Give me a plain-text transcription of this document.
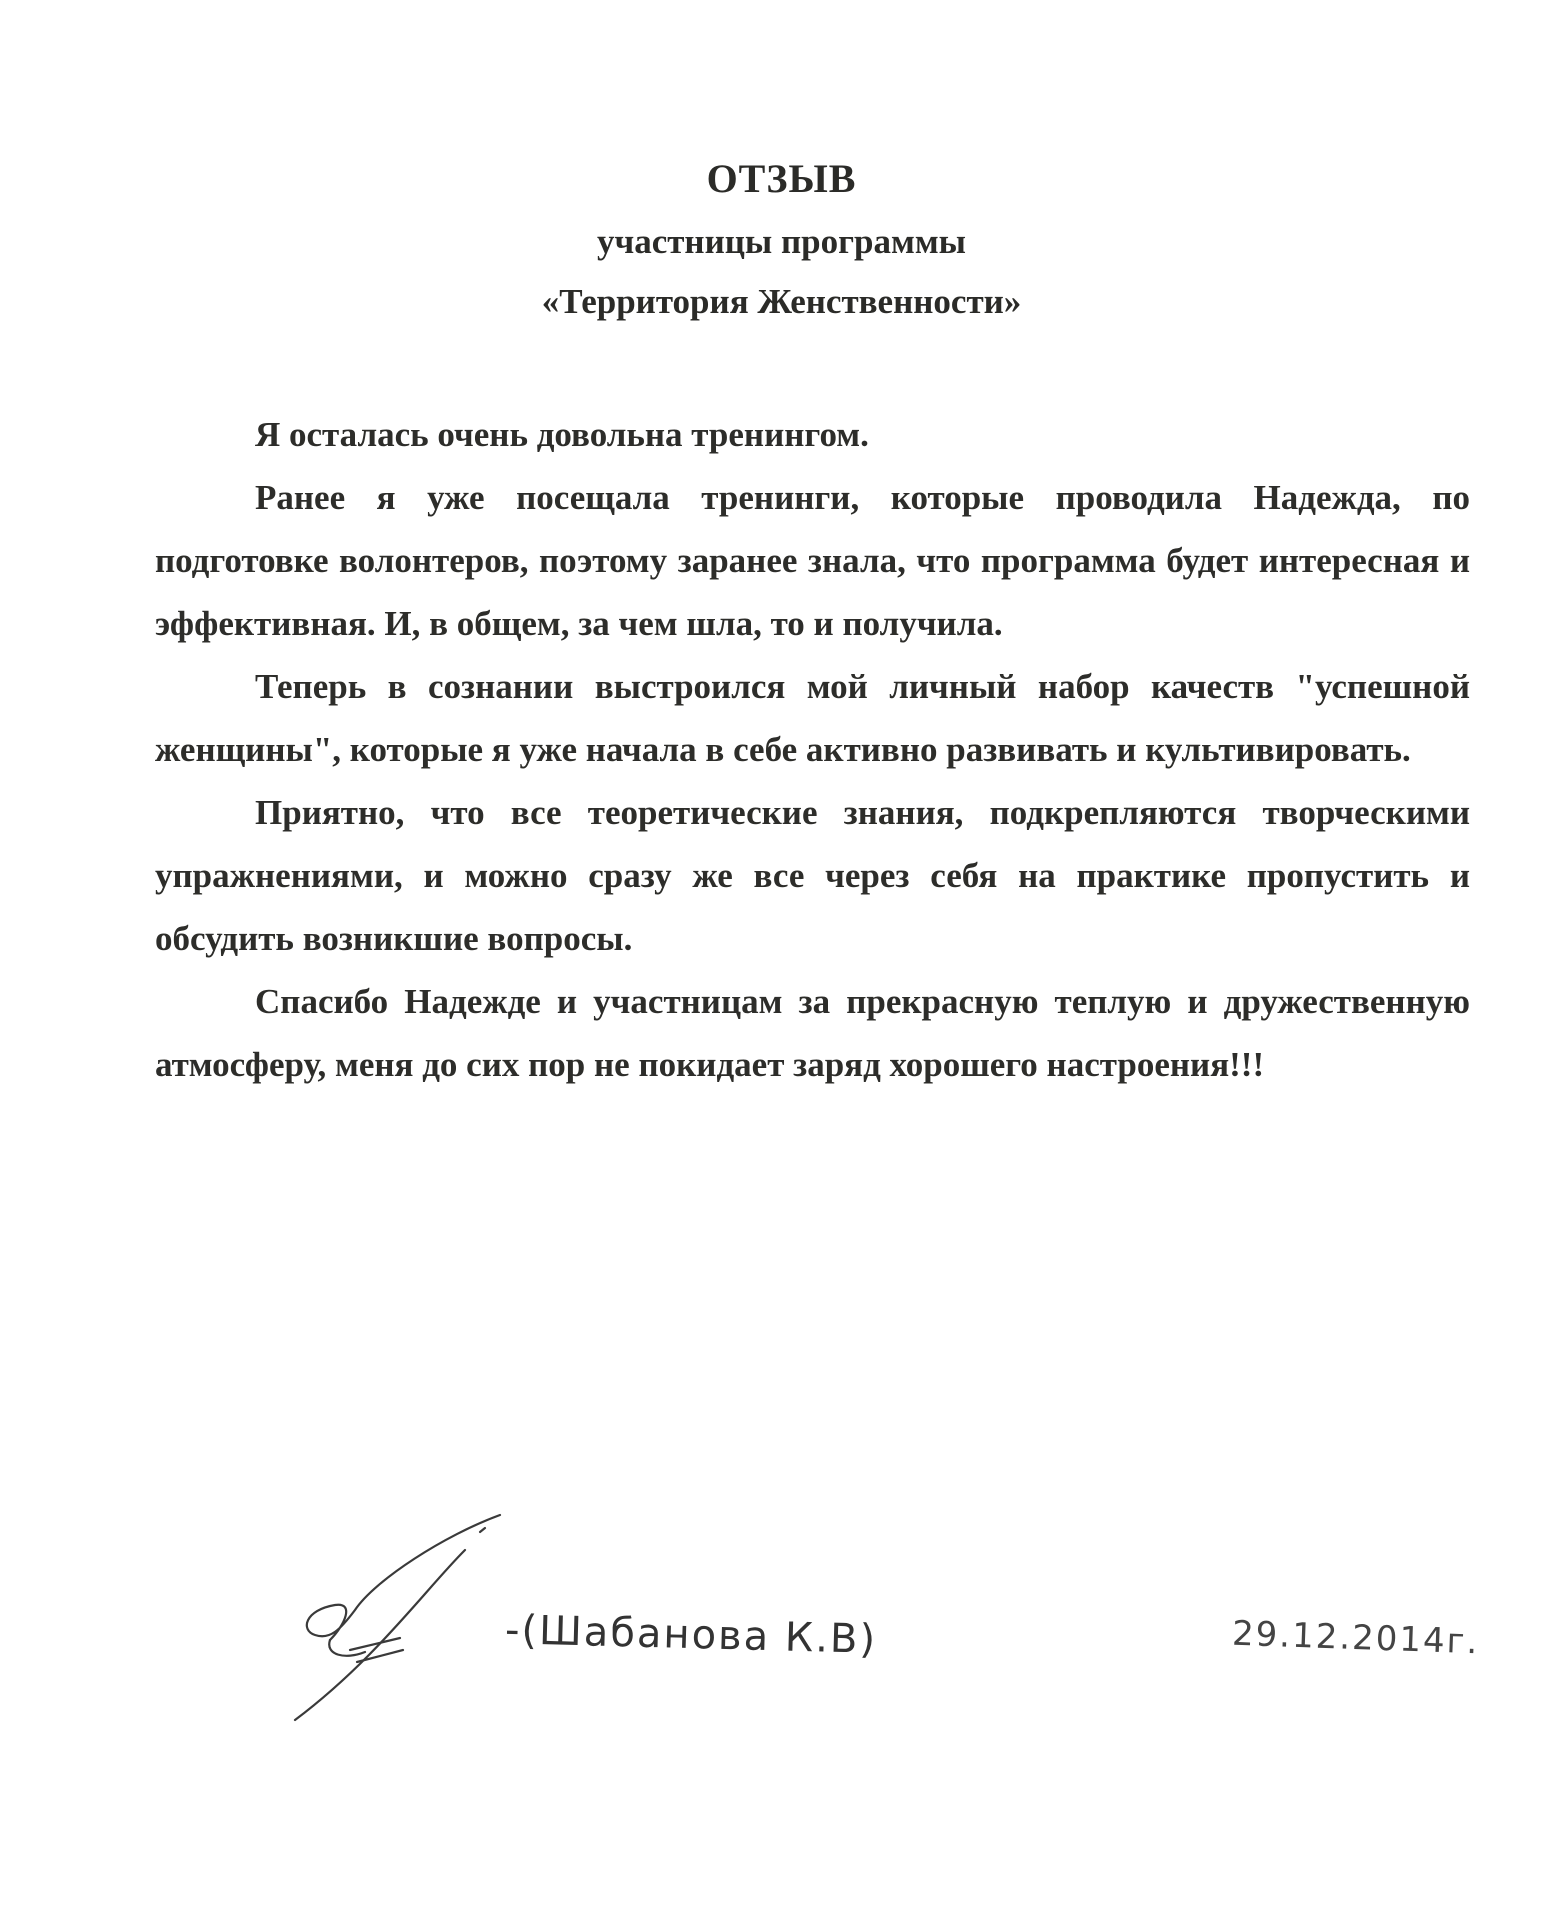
ОТЗЫВ
участницы программы
«Территория Женственности»

Я осталась очень довольна тренингом.

Ранее я уже посещала тренинги, которые проводила Надежда, по подготовке волонтеров, поэтому заранее знала, что программа будет интересная и эффективная. И, в общем, за чем шла, то и получила.

Теперь в сознании выстроился мой личный набор качеств "успешной женщины", которые я уже начала в себе активно развивать и культивировать.

Приятно, что все теоретические знания, подкрепляются творческими упражнениями, и можно сразу же все через себя на практике пропустить и обсудить возникшие вопросы.

Спасибо Надежде и участницам за прекрасную теплую и дружественную атмосферу, меня до сих пор не покидает заряд хорошего настроения!!!

-(Шабанова К.В)	29.12.2014г.
